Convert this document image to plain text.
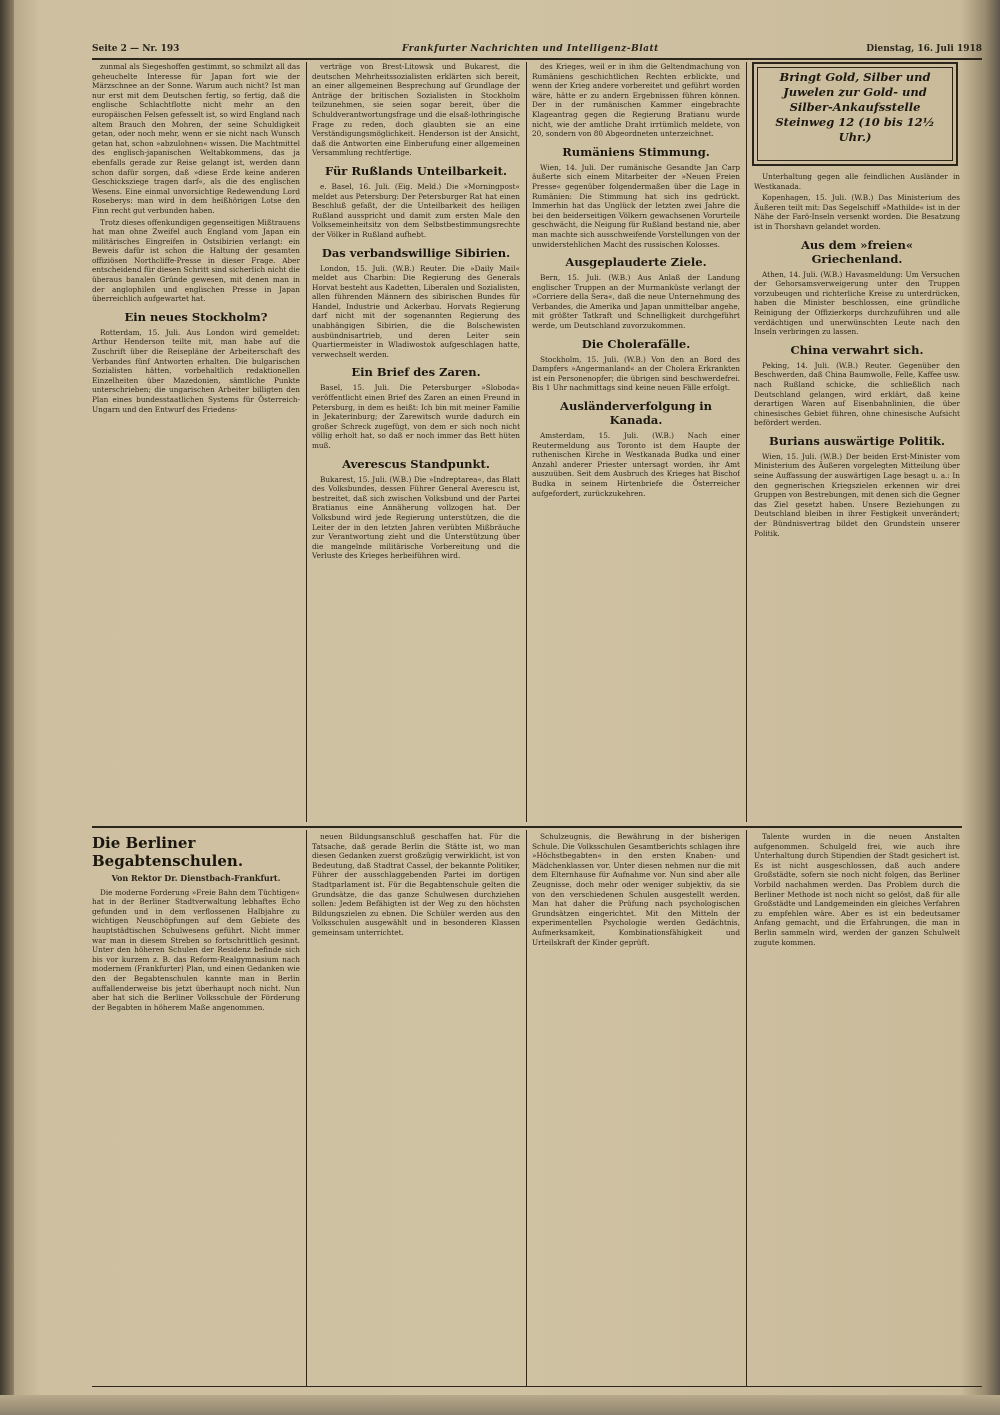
Seite 2 — Nr. 193	Frankfurter Nachrichten und Intelligenz-Blatt	Dienstag, 16. Juli 1918

zunmal als Siegeshoffen gestimmt, so schmilzt all das geheuchelte Interesse für Japan fort wie der Märzschnee an der Sonne. Warum auch nicht? Ist man nur erst mit dem Deutschen fertig, so fertig, daß die englische Schlachtflotte nicht mehr an den europäischen Felsen gefesselt ist, so wird England nach altem Brauch den Mohren, der seine Schuldigkeit getan, oder noch mehr, wenn er sie nicht nach Wunsch getan hat, schon »abzulohnen« wissen. Die Machtmittel des englisch-japanischen Weltabkommens, das ja ebenfalls gerade zur Reise gelangt ist, werden dann schon dafür sorgen, daß »diese Erde keine anderen Geschicksziege tragen darf«, als die des englischen Wesens. Eine einmal unvorsichtige Redewendung Lord Roseberys: man wird in dem heißhörigen Lotse den Finn recht gut verbunden haben.

Trotz dieses offenkundigen gegenseitigen Mißtrauens hat man ohne Zweifel auch England vom Japan ein militärisches Eingreifen in Ostsibirien verlangt: ein Beweis dafür ist schon die Haltung der gesamten offiziösen Northcliffe-Presse in dieser Frage. Aber entscheidend für diesen Schritt sind sicherlich nicht die überaus banalen Gründe gewesen, mit denen man in der anglophilen und englischen Presse in Japan überreichlich aufgewartet hat.

Ein neues Stockholm?

Rotterdam, 15. Juli. Aus London wird gemeldet: Arthur Henderson teilte mit, man habe auf die Zuschrift über die Reisepläne der Arbeiterschaft des Verbandes fünf Antworten erhalten. Die bulgarischen Sozialisten hätten, vorbehaltlich redaktionellen Einzelheiten über Mazedonien, sämtliche Punkte unterschrieben; die ungarischen Arbeiter billigten den Plan eines bundesstaatlichen Systems für Österreich-Ungarn und den Entwurf des Friedens-

verträge von Brest-Litowsk und Bukarest, die deutschen Mehrheitssozialisten erklärten sich bereit, an einer allgemeinen Besprechung auf Grundlage der Anträge der britischen Sozialisten in Stockholm teilzunehmen, sie seien sogar bereit, über die Schuldverantwortungsfrage und die elsaß-lothringische Frage zu reden, doch glaubten sie an eine Verständigungsmöglichkeit. Henderson ist der Ansicht, daß die Antworten eine Einberufung einer allgemeinen Versammlung rechtfertige.

Für Rußlands Unteilbarkeit.

e. Basel, 16. Juli. (Eig. Meld.) Die »Morningpost« meldet aus Petersburg: Der Petersburger Rat hat einen Beschluß gefaßt, der die Unteilbarkeit des heiligen Rußland ausspricht und damit zum ersten Male den Volksemeinheitsitz von dem Selbstbestimmungsrechte der Völker in Rußland aufhebt.

Das verbandswillige Sibirien.

London, 15. Juli. (W.B.) Reuter. Die »Daily Mail« meldet aus Charbin: Die Regierung des Generals Horvat besteht aus Kadetten, Liberalen und Sozialisten, allen führenden Männern des sibirischen Bundes für Handel, Industrie und Ackerbau. Horvats Regierung darf nicht mit der sogenannten Regierung des unabhängigen Sibirien, die die Bolschewisten ausbündnisartrieb, und deren Leiter sein Quartiermeister in Wladiwostok aufgeschlagen hatte, verwechselt werden.

Ein Brief des Zaren.

Basel, 15. Juli. Die Petersburger »Sloboda« veröffentlicht einen Brief des Zaren an einen Freund in Petersburg, in dem es heißt: Ich bin mit meiner Familie in Jekaterinburg; der Zarewitsch wurde dadurch ein großer Schreck zugefügt, von dem er sich noch nicht völlig erholt hat, so daß er noch immer das Bett hüten muß.

Averescus Standpunkt.

Bukarest, 15. Juli. (W.B.) Die »Indreptarea«, das Blatt des Volksbundes, dessen Führer General Averescu ist, bestreitet, daß sich zwischen Volksbund und der Partei Bratianus eine Annäherung vollzogen hat. Der Volksbund wird jede Regierung unterstützen, die die Leiter der in den letzten Jahren verübten Mißbräuche zur Verantwortung zieht und die Unterstützung über die mangelnde militärische Vorbereitung und die Verluste des Krieges herbeiführen wird.

des Krieges, weil er in ihm die Geltendmachung von Rumäniens geschichtlichen Rechten erblickte, und wenn der Krieg andere vorbereitet und geführt worden wäre, hätte er zu andern Ergebnissen führen können. Der in der rumänischen Kammer eingebrachte Klageantrag gegen die Regierung Bratianu wurde nicht, wie der amtliche Draht irrtümlich meldete, von 20, sondern von 80 Abgeordneten unterzeichnet.

Rumäniens Stimmung.

Wien, 14. Juli. Der rumänische Gesandte Jan Carp äußerte sich einem Mitarbeiter der »Neuen Freien Presse« gegenüber folgendermaßen über die Lage in Rumänien: Die Stimmung hat sich ins gedrückt. Immerhin hat das Unglück der letzten zwei Jahre die bei den beiderseitigen Völkern gewachsenen Vorurteile geschwächt, die Neigung für Rußland bestand nie, aber man machte sich ausschweifende Vorstellungen von der unwiderstehlichen Macht des russischen Kolosses.

Ausgeplauderte Ziele.

Bern, 15. Juli. (W.B.) Aus Anlaß der Landung englischer Truppen an der Murmanküste verlangt der »Corriere della Sera«, daß die neue Unternehmung des Verbandes, die Amerika und Japan unmittelbar angehe, mit größter Tatkraft und Schnelligkeit durchgeführt werde, um Deutschland zuvorzukommen.

Die Cholerafälle.

Stockholm, 15. Juli. (W.B.) Von den an Bord des Dampfers »Angermanland« an der Cholera Erkrankten ist ein Personenopfer; die übrigen sind beschwerdefrei. Bis 1 Uhr nachmittags sind keine neuen Fälle erfolgt.

Ausländerverfolgung in Kanada.

Amsterdam, 15. Juli. (W.B.) Nach einer Reutermeldung aus Toronto ist dem Haupte der ruthenischen Kirche in Westkanada Budka und einer Anzahl anderer Priester untersagt worden, ihr Amt auszuüben. Seit dem Ausbruch des Krieges hat Bischof Budka in seinem Hirtenbriefe die Österreicher aufgefordert, zurückzukehren.

Bringt Gold, Silber und Juwelen zur Gold- und Silber-Ankaufsstelle Steinweg 12 (10 bis 12½ Uhr.)

Unterhaltung gegen alle feindlichen Ausländer in Westkanada.

Kopenhagen, 15. Juli. (W.B.) Das Ministerium des Äußeren teilt mit: Das Segelschiff »Mathilde« ist in der Nähe der Farö-Inseln versenkt worden. Die Besatzung ist in Thorshavn gelandet worden.

Aus dem »freien« Griechenland.

Athen, 14. Juli. (W.B.) Havasmeldung: Um Versuchen der Gehorsamsverweigerung unter den Truppen vorzubeugen und richterliche Kreise zu unterdrücken, haben die Minister beschlossen, eine gründliche Reinigung der Offizierkorps durchzuführen und alle verdächtigen und unerwünschten Leute nach den Inseln verbringen zu lassen.

China verwahrt sich.

Peking, 14. Juli. (W.B.) Reuter. Gegenüber den Beschwerden, daß China Baumwolle, Felle, Kaffee usw. nach Rußland schicke, die schließlich nach Deutschland gelangen, wird erklärt, daß keine derartigen Waren auf Eisenbahnlinien, die über chinesisches Gebiet führen, ohne chinesische Aufsicht befördert werden.

Burians auswärtige Politik.

Wien, 15. Juli. (W.B.) Der beiden Erst-Minister vom Ministerium des Äußeren vorgelegten Mitteilung über seine Auffassung der auswärtigen Lage besagt u. a.: In den gegnerischen Kriegszielen erkennen wir drei Gruppen von Bestrebungen, mit denen sich die Gegner das Ziel gesetzt haben. Unsere Beziehungen zu Deutschland bleiben in ihrer Festigkeit unverändert; der Bündnisvertrag bildet den Grundstein unserer Politik.

Die Berliner Begabtenschulen.
Von Rektor Dr. Dienstbach-Frankfurt.

Die moderne Forderung »Freie Bahn dem Tüchtigen« hat in der Berliner Stadtverwaltung lebhaftes Echo gefunden und in dem verflossenen Halbjahre zu wichtigen Neuschöpfungen auf dem Gebiete des hauptstädtischen Schulwesens geführt. Nicht immer war man in diesem Streben so fortschrittlich gesinnt. Unter den höheren Schulen der Residenz befinde sich bis vor kurzem z. B. das Reform-Realgymnasium nach modernem (Frankfurter) Plan, und einen Gedanken wie den der Begabtenschulen kannte man in Berlin auffallenderweise bis jetzt überhaupt noch nicht. Nun aber hat sich die Berliner Volksschule der Förderung der Begabten in höherem Maße angenommen.

neuen Bildungsanschluß geschaffen hat. Für die Tatsache, daß gerade Berlin die Stätte ist, wo man diesen Gedanken zuerst großzügig verwirklicht, ist von Bedeutung, daß Stadtrat Cassel, der bekannte Politiker, Führer der ausschlaggebenden Partei im dortigen Stadtparlament ist. Für die Begabtenschule gelten die Grundsätze, die das ganze Schulwesen durchziehen sollen: Jedem Befähigten ist der Weg zu den höchsten Bildungszielen zu ebnen. Die Schüler werden aus den Volksschulen ausgewählt und in besonderen Klassen gemeinsam unterrichtet.

Schulzeugnis, die Bewährung in der bisherigen Schule. Die Volksschulen Gesamtberichts schlagen ihre »Höchstbegabten« in den ersten Knaben- und Mädchenklassen vor. Unter diesen nehmen nur die mit dem Elternhause für Aufnahme vor. Nun sind aber alle Zeugnisse, doch mehr oder weniger subjektiv, da sie von den verschiedenen Schulen ausgestellt werden. Man hat daher die Prüfung nach psychologischen Grundsätzen eingerichtet. Mit den Mitteln der experimentellen Psychologie werden Gedächtnis, Aufmerksamkeit, Kombinationsfähigkeit und Urteilskraft der Kinder geprüft.

Talente wurden in die neuen Anstalten aufgenommen. Schulgeld frei, wie auch ihre Unterhaltung durch Stipendien der Stadt gesichert ist. Es ist nicht ausgeschlossen, daß auch andere Großstädte, sofern sie noch nicht folgen, das Berliner Vorbild nachahmen werden. Das Problem durch die Berliner Methode ist noch nicht so gelöst, daß für alle Großstädte und Landgemeinden ein gleiches Verfahren zu empfehlen wäre. Aber es ist ein bedeutsamer Anfang gemacht, und die Erfahrungen, die man in Berlin sammeln wird, werden der ganzen Schulwelt zugute kommen.
